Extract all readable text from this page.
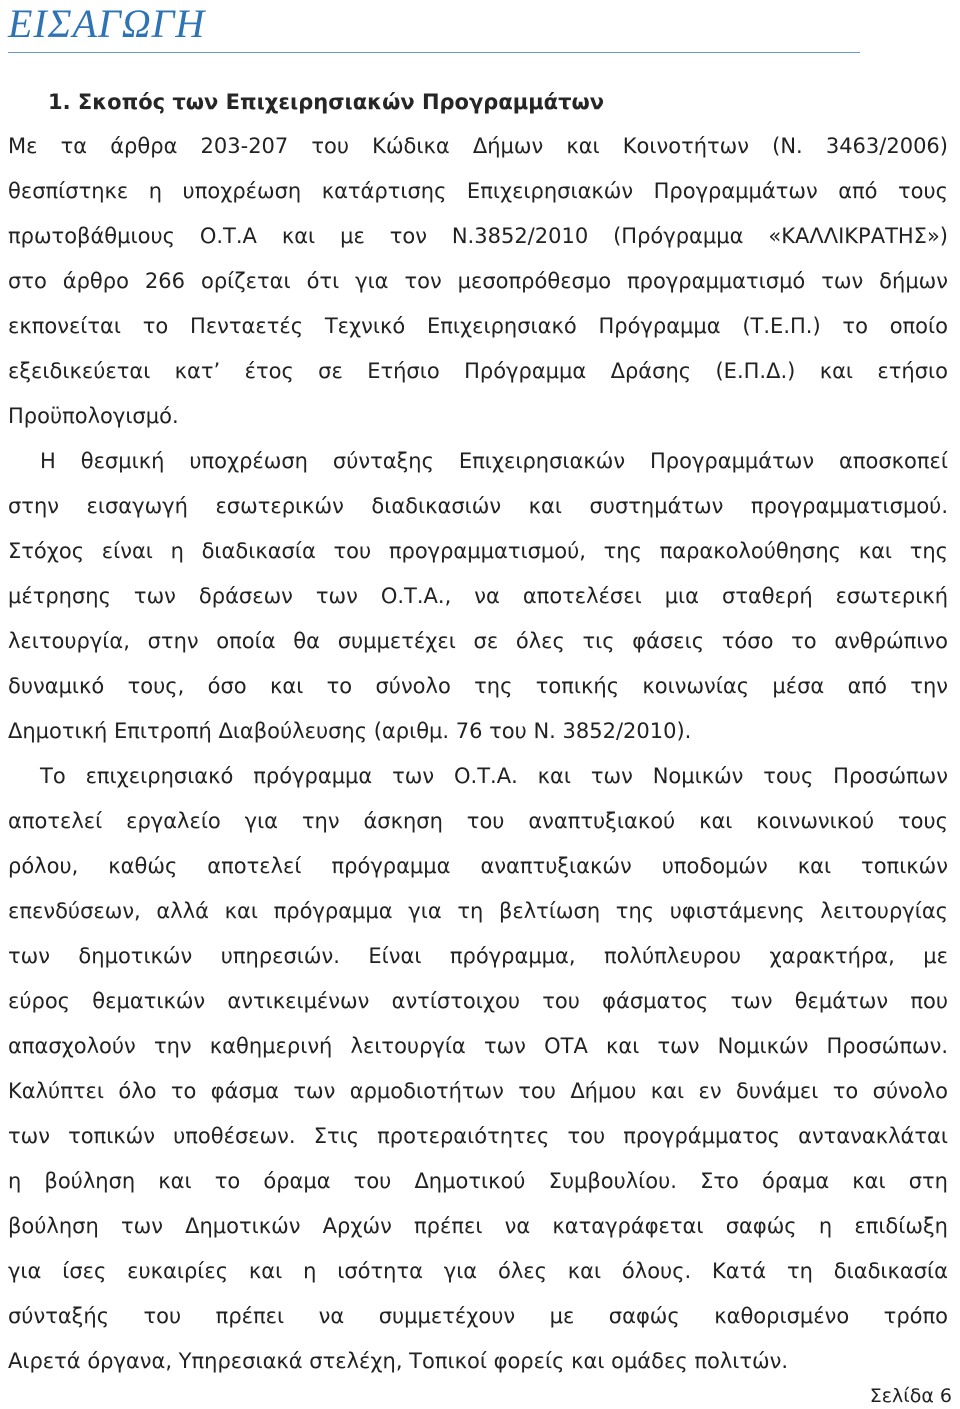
ΕΙΣΑΓΩΓΗ
1. Σκοπός των Επιχειρησιακών Προγραμμάτων
Με τα άρθρα 203-207 του Κώδικα Δήμων και Κοινοτήτων (Ν. 3463/2006)
θεσπίστηκε η υποχρέωση κατάρτισης Επιχειρησιακών Προγραμμάτων από τους
πρωτοβάθμιους Ο.Τ.Α και με τον Ν.3852/2010 (Πρόγραμμα «ΚΑΛΛΙΚΡΑΤΗΣ»)
στο άρθρο 266 ορίζεται ότι για τον μεσοπρόθεσμο προγραμματισμό των δήμων
εκπονείται το Πενταετές Τεχνικό Επιχειρησιακό Πρόγραμμα (Τ.Ε.Π.) το οποίο
εξειδικεύεται κατ’ έτος σε Ετήσιο Πρόγραμμα Δράσης (Ε.Π.Δ.) και ετήσιο
Προϋπολογισμό.
Η θεσμική υποχρέωση σύνταξης Επιχειρησιακών Προγραμμάτων αποσκοπεί
στην εισαγωγή εσωτερικών διαδικασιών και συστημάτων προγραμματισμού.
Στόχος είναι η διαδικασία του προγραμματισμού, της παρακολούθησης και της
μέτρησης των δράσεων των Ο.Τ.Α., να αποτελέσει μια σταθερή εσωτερική
λειτουργία, στην οποία θα συμμετέχει σε όλες τις φάσεις τόσο το ανθρώπινο
δυναμικό τους, όσο και το σύνολο της τοπικής κοινωνίας μέσα από την
Δημοτική Επιτροπή Διαβούλευσης (αριθμ. 76 του Ν. 3852/2010).
Το επιχειρησιακό πρόγραμμα των Ο.Τ.Α. και των Νομικών τους Προσώπων
αποτελεί εργαλείο για την άσκηση του αναπτυξιακού και κοινωνικού τους
ρόλου, καθώς αποτελεί πρόγραμμα αναπτυξιακών υποδομών και τοπικών
επενδύσεων, αλλά και πρόγραμμα για τη βελτίωση της υφιστάμενης λειτουργίας
των δημοτικών υπηρεσιών. Είναι πρόγραμμα, πολύπλευρου χαρακτήρα, με
εύρος θεματικών αντικειμένων αντίστοιχου του φάσματος των θεμάτων που
απασχολούν την καθημερινή λειτουργία των ΟΤΑ και των Νομικών Προσώπων.
Καλύπτει όλο το φάσμα των αρμοδιοτήτων του Δήμου και εν δυνάμει το σύνολο
των τοπικών υποθέσεων. Στις προτεραιότητες του προγράμματος αντανακλάται
η βούληση και το όραμα του Δημοτικού Συμβουλίου. Στο όραμα και στη
βούληση των Δημοτικών Αρχών πρέπει να καταγράφεται σαφώς η επιδίωξη
για ίσες ευκαιρίες και η ισότητα για όλες και όλους. Κατά τη διαδικασία
σύνταξής του πρέπει να συμμετέχουν με σαφώς καθορισμένο τρόπο
Αιρετά όργανα, Υπηρεσιακά στελέχη, Τοπικοί φορείς και ομάδες πολιτών.
Σελίδα 6
